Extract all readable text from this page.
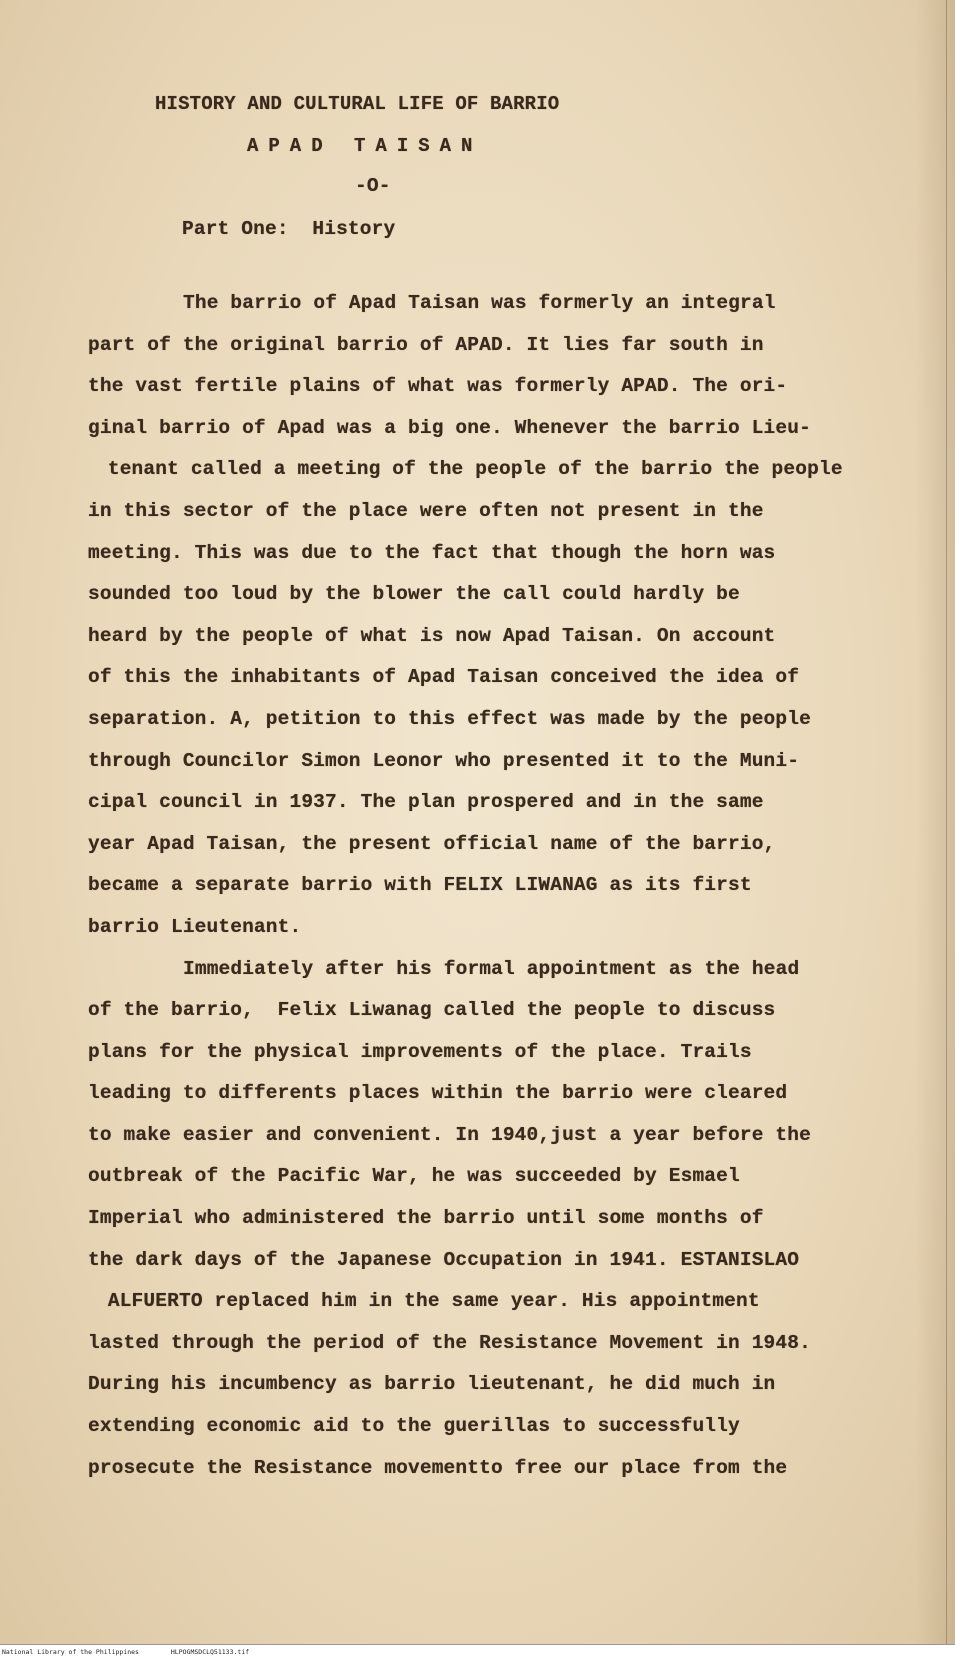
HISTORY AND CULTURAL LIFE OF BARRIO
APAD TAISAN
-O-
Part One:  History
The barrio of Apad Taisan was formerly an integral
part of the original barrio of APAD. It lies far south in
the vast fertile plains of what was formerly APAD. The ori-
ginal barrio of Apad was a big one. Whenever the barrio Lieu-
tenant called a meeting of the people of the barrio the people
in this sector of the place were often not present in the
meeting. This was due to the fact that though the horn was
sounded too loud by the blower the call could hardly be
heard by the people of what is now Apad Taisan. On account
of this the inhabitants of Apad Taisan conceived the idea of
separation. A, petition to this effect was made by the people
through Councilor Simon Leonor who presented it to the Muni-
cipal council in 1937. The plan prospered and in the same
year Apad Taisan, the present official name of the barrio,
became a separate barrio with FELIX LIWANAG as its first
barrio Lieutenant.
Immediately after his formal appointment as the head
of the barrio,  Felix Liwanag called the people to discuss
plans for the physical improvements of the place. Trails
leading to differents places within the barrio were cleared
to make easier and convenient. In 1940,just a year before the
outbreak of the Pacific War, he was succeeded by Esmael
Imperial who administered the barrio until some months of
the dark days of the Japanese Occupation in 1941. ESTANISLAO
ALFUERTO replaced him in the same year. His appointment
lasted through the period of the Resistance Movement in 1948.
During his incumbency as barrio lieutenant, he did much in
extending economic aid to the guerillas to successfully
prosecute the Resistance movementto free our place from the
National Library of the Philippines	HLPOGMSDCLQ51133.tif
